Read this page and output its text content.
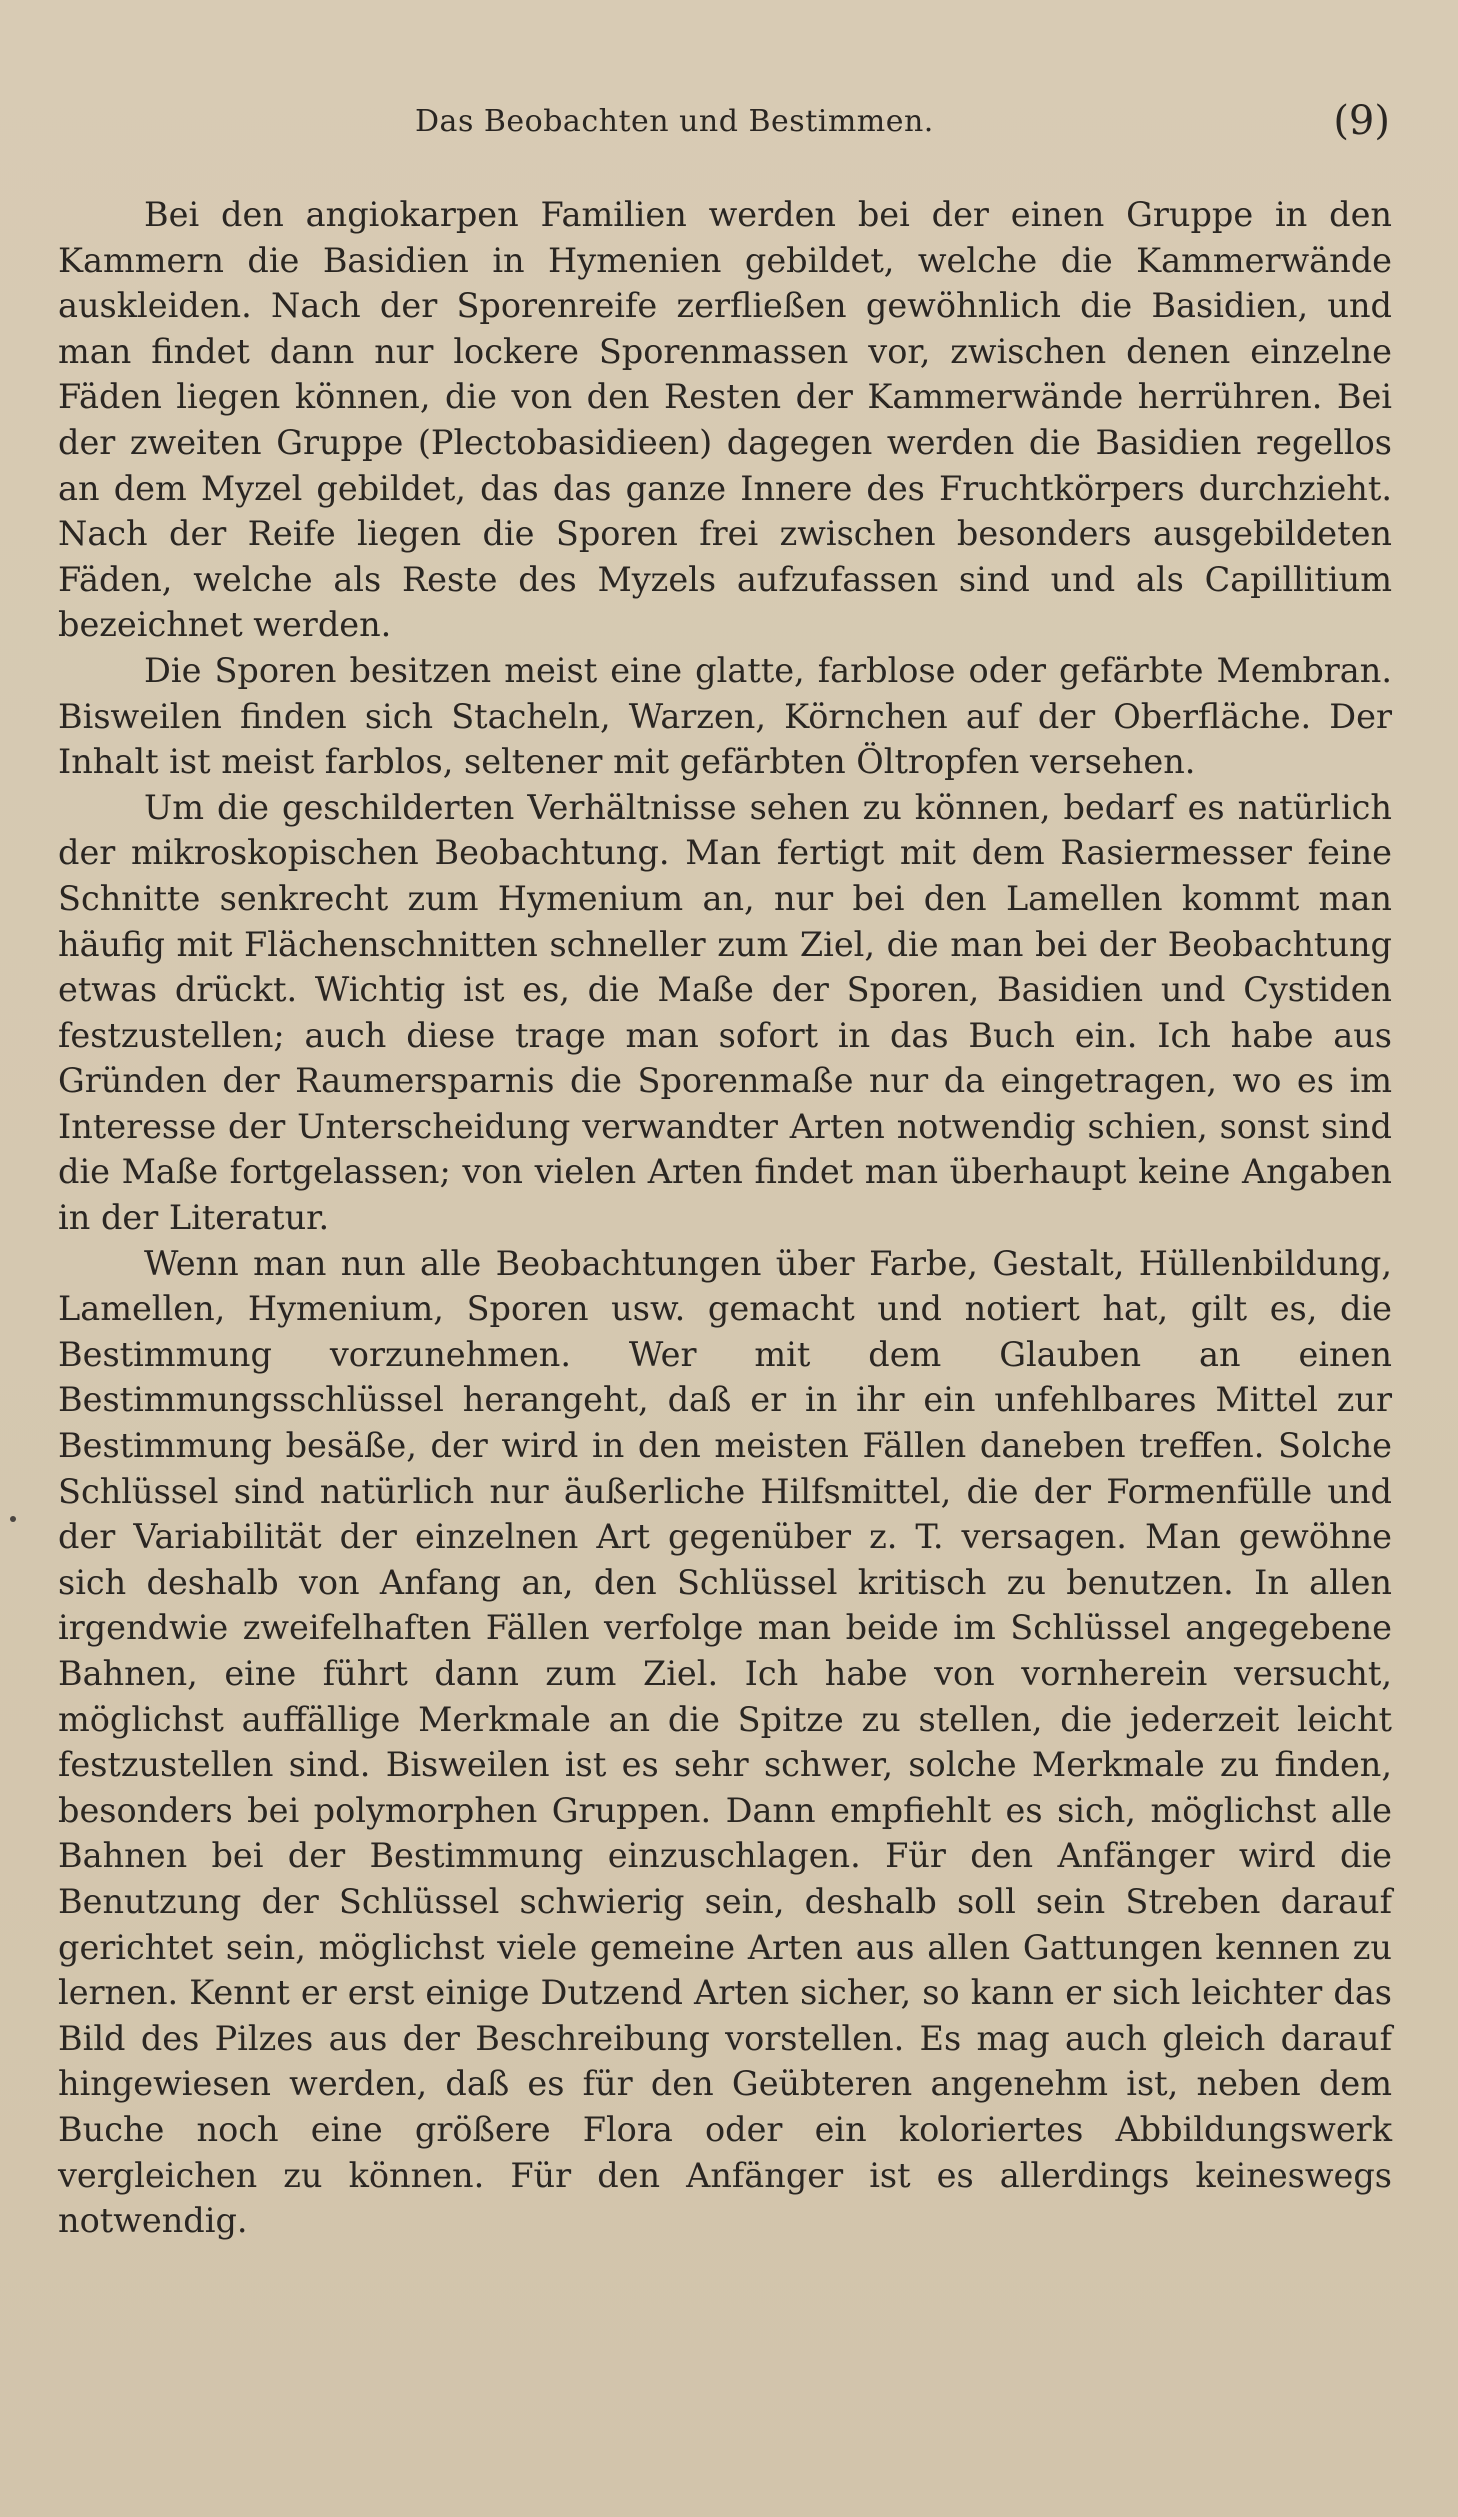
Das Beobachten und Bestimmen.	(9)

Bei den angiokarpen Familien werden bei der einen Gruppe in den Kammern die Basidien in Hymenien gebildet, welche die Kammerwände auskleiden. Nach der Sporenreife zerfließen gewöhnlich die Basidien, und man findet dann nur lockere Sporenmassen vor, zwischen denen einzelne Fäden liegen können, die von den Resten der Kammerwände herrühren. Bei der zweiten Gruppe (Plectobasidieen) dagegen werden die Basidien regellos an dem Myzel gebildet, das das ganze Innere des Fruchtkörpers durchzieht. Nach der Reife liegen die Sporen frei zwischen besonders ausgebildeten Fäden, welche als Reste des Myzels aufzufassen sind und als Capillitium bezeichnet werden.

Die Sporen besitzen meist eine glatte, farblose oder gefärbte Membran. Bisweilen finden sich Stacheln, Warzen, Körnchen auf der Oberfläche. Der Inhalt ist meist farblos, seltener mit gefärbten Öltropfen versehen.

Um die geschilderten Verhältnisse sehen zu können, bedarf es natürlich der mikroskopischen Beobachtung. Man fertigt mit dem Rasiermesser feine Schnitte senkrecht zum Hymenium an, nur bei den Lamellen kommt man häufig mit Flächenschnitten schneller zum Ziel, die man bei der Beobachtung etwas drückt. Wichtig ist es, die Maße der Sporen, Basidien und Cystiden festzustellen; auch diese trage man sofort in das Buch ein. Ich habe aus Gründen der Raumersparnis die Sporenmaße nur da eingetragen, wo es im Interesse der Unterscheidung verwandter Arten notwendig schien, sonst sind die Maße fortgelassen; von vielen Arten findet man überhaupt keine Angaben in der Literatur.

Wenn man nun alle Beobachtungen über Farbe, Gestalt, Hüllenbildung, Lamellen, Hymenium, Sporen usw. gemacht und notiert hat, gilt es, die Bestimmung vorzunehmen. Wer mit dem Glauben an einen Bestimmungsschlüssel herangeht, daß er in ihr ein unfehlbares Mittel zur Bestimmung besäße, der wird in den meisten Fällen daneben treffen. Solche Schlüssel sind natürlich nur äußerliche Hilfsmittel, die der Formenfülle und der Variabilität der einzelnen Art gegenüber z. T. versagen. Man gewöhne sich deshalb von Anfang an, den Schlüssel kritisch zu benutzen. In allen irgendwie zweifelhaften Fällen verfolge man beide im Schlüssel angegebene Bahnen, eine führt dann zum Ziel. Ich habe von vornherein versucht, möglichst auffällige Merkmale an die Spitze zu stellen, die jederzeit leicht festzustellen sind. Bisweilen ist es sehr schwer, solche Merkmale zu finden, besonders bei polymorphen Gruppen. Dann empfiehlt es sich, möglichst alle Bahnen bei der Bestimmung einzuschlagen. Für den Anfänger wird die Benutzung der Schlüssel schwierig sein, deshalb soll sein Streben darauf gerichtet sein, möglichst viele gemeine Arten aus allen Gattungen kennen zu lernen. Kennt er erst einige Dutzend Arten sicher, so kann er sich leichter das Bild des Pilzes aus der Beschreibung vorstellen. Es mag auch gleich darauf hingewiesen werden, daß es für den Geübteren angenehm ist, neben dem Buche noch eine größere Flora oder ein koloriertes Abbildungswerk vergleichen zu können. Für den Anfänger ist es allerdings keineswegs notwendig.
